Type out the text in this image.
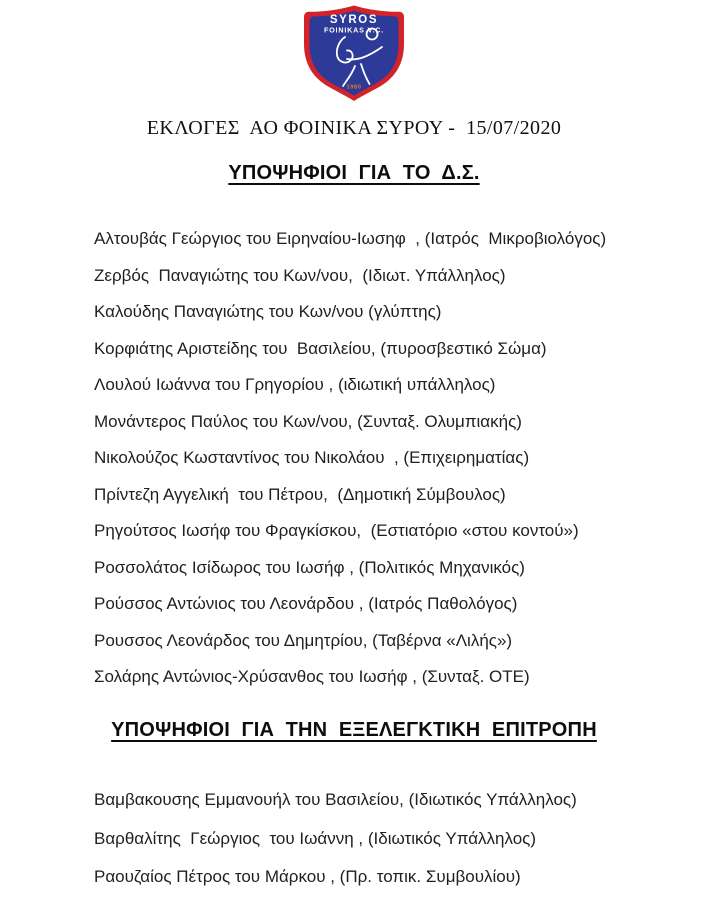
SYROS
FOINIKAS V.C.
1980
ΕΚΛΟΓΕΣ  ΑΟ ΦΟΙΝΙΚΑ ΣΥΡΟΥ -  15/07/2020
ΥΠΟΨΗΦΙΟΙ  ΓΙΑ  ΤΟ  Δ.Σ.

Αλτουβάς Γεώργιος του Ειρηναίου-Ιωσηφ  , (Ιατρός  Μικροβιολόγος)

Ζερβός  Παναγιώτης του Κων/νου,  (Ιδιωτ. Υπάλληλος)

Καλούδης Παναγιώτης του Κων/νου (γλύπτης)

Κορφιάτης Αριστείδης του  Βασιλείου, (πυροσβεστικό Σώμα)

Λουλού Ιωάννα του Γρηγορίου , (ιδιωτική υπάλληλος)

Μονάντερος Παύλος του Κων/νου, (Συνταξ. Ολυμπιακής)

Νικολούζος Κωσταντίνος του Νικολάου  , (Επιχειρηματίας)

Πρίντεζη Αγγελική  του Πέτρου,  (Δημοτική Σύμβουλος)

Ρηγούτσος Ιωσήφ του Φραγκίσκου,  (Εστιατόριο «στου κοντού»)

Ροσσολάτος Ισίδωρος του Ιωσήφ , (Πολιτικός Μηχανικός)

Ρούσσος Αντώνιος του Λεονάρδου , (Ιατρός Παθολόγος)

Ρουσσος Λεονάρδος του Δημητρίου, (Ταβέρνα «Λιλής»)

Σολάρης Αντώνιος-Χρύσανθος του Ιωσήφ , (Συνταξ. ΟΤΕ)

ΥΠΟΨΗΦΙΟΙ  ΓΙΑ  ΤΗΝ  ΕΞΕΛΕΓΚΤΙΚΗ  ΕΠΙΤΡΟΠΗ

Βαμβακουσης Εμμανουήλ του Βασιλείου, (Ιδιωτικός Υπάλληλος)

Βαρθαλίτης  Γεώργιος  του Ιωάννη , (Ιδιωτικός Υπάλληλος)

Ραουζαίος Πέτρος του Μάρκου , (Πρ. τοπικ. Συμβουλίου)
